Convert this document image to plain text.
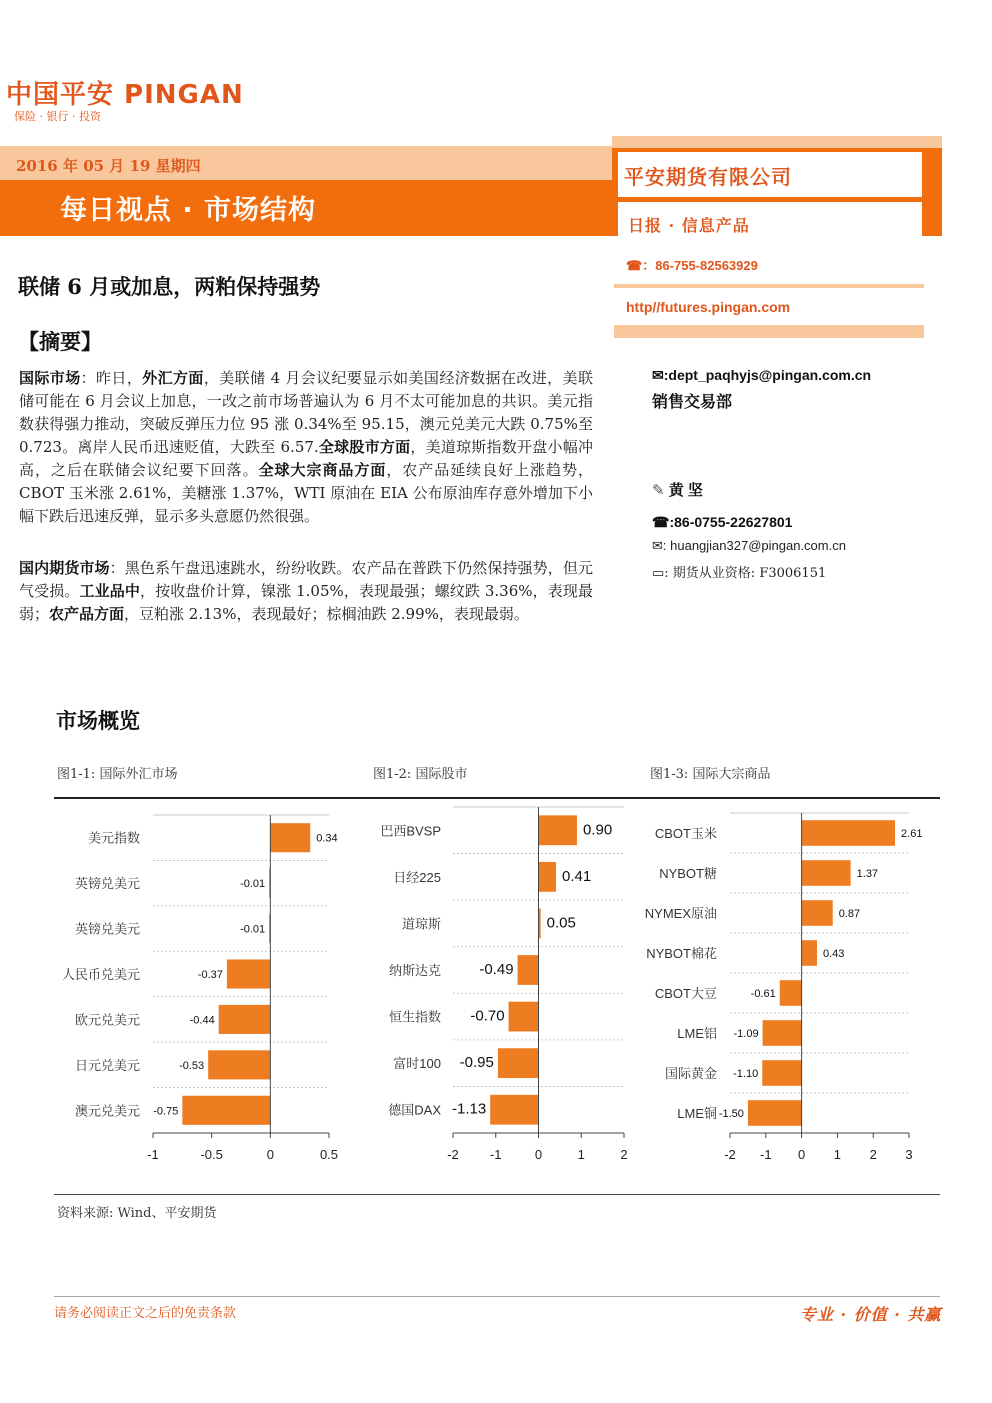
中国平安 PINGAN
保险 · 银行 · 投资
2016 年 05 月 19 星期四
每日视点 · 市场结构
平安期货有限公司
日报 · 信息产品
☎：86-755-82563929
http//futures.pingan.com
✉:dept_paqhyjs@pingan.com.cn
销售交易部
✎ 黄 坚
☎:86-0755-22627801
✉: huangjian327@pingan.com.cn
▭: 期货从业资格: F3006151
联储 6 月或加息，两粕保持强势
【摘要】
国际市场：昨日，外汇方面，美联储 4 月会议纪要显示如美国经济数据在改进，美联储可能在 6 月会议上加息，一改之前市场普遍认为 6 月不太可能加息的共识。美元指数获得强力推动，突破反弹压力位 95 涨 0.34%至 95.15，澳元兑美元大跌 0.75%至 0.723。离岸人民币迅速贬值，大跌至 6.57.全球股市方面，美道琼斯指数开盘小幅冲高，之后在联储会议纪要下回落。全球大宗商品方面，农产品延续良好上涨趋势，CBOT 玉米涨 2.61%，美糖涨 1.37%，WTI 原油在 EIA 公布原油库存意外增加下小幅下跌后迅速反弹，显示多头意愿仍然很强。
国内期货市场：黑色系午盘迅速跳水，纷纷收跌。农产品在普跌下仍然保持强势，但元气受损。工业品中，按收盘价计算，镍涨 1.05%，表现最强；螺纹跌 3.36%，表现最弱；农产品方面，豆粕涨 2.13%，表现最好；棕榈油跌 2.99%，表现最弱。
市场概览
图1-1: 国际外汇市场	图1-2: 国际股市	图1-3: 国际大宗商品
美元指数	0.34
英镑兑美元	-0.01
英镑兑美元	-0.01
人民币兑美元	-0.37
欧元兑美元	-0.44
日元兑美元	-0.53
澳元兑美元 -0.75
-1	-0.5	0	0.5
巴西BVSP	0.90
日经225	0.41
道琼斯	0.05
纳斯达克	-0.49
恒生指数 -0.70
富时100 -0.95
德国DAX -1.13
-2 -1	0	1	2
CBOT玉米	2.61
NYBOT糖	1.37
NYMEX原油	0.87
NYBOT棉花	0.43
CBOT大豆	-0.61
LME铝 -1.09
国际黄金 -1.10
LME铜 -1.50
-2 -1 0 1 2 3
资料来源: Wind、平安期货
请务必阅读正文之后的免责条款	专业 · 价值 · 共赢
